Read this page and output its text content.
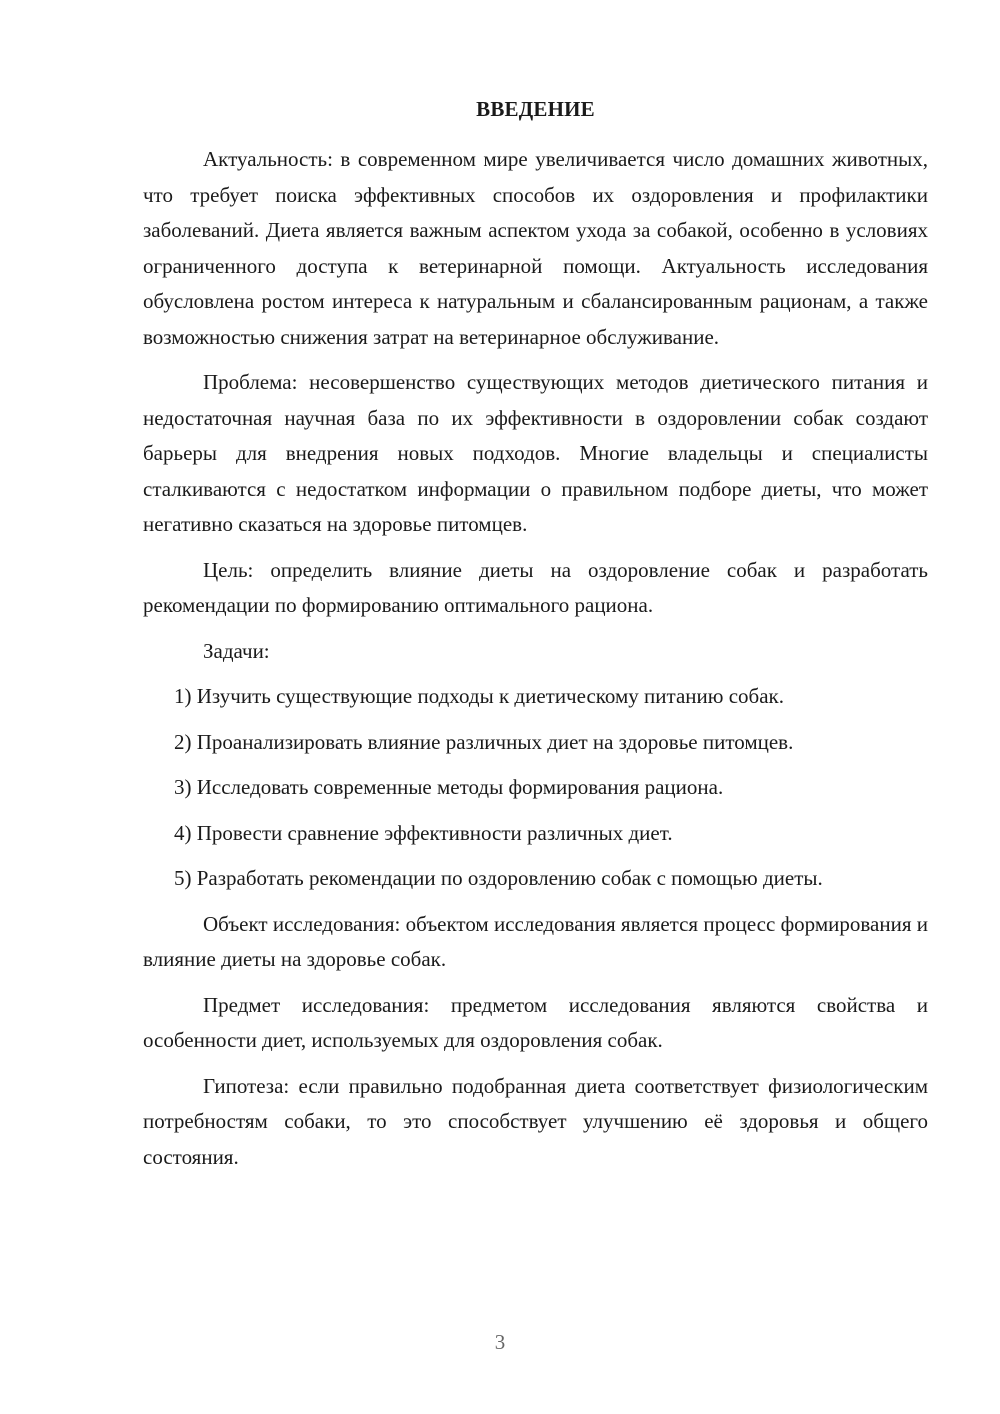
ВВЕДЕНИЕ

Актуальность: в современном мире увеличивается число домашних животных, что требует поиска эффективных способов их оздоровления и профилактики заболеваний. Диета является важным аспектом ухода за собакой, особенно в условиях ограниченного доступа к ветеринарной помощи. Актуальность исследования обусловлена ростом интереса к натуральным и сбалансированным рационам, а также возможностью снижения затрат на ветеринарное обслуживание.

Проблема: несовершенство существующих методов диетического питания и недостаточная научная база по их эффективности в оздоровлении собак создают барьеры для внедрения новых подходов. Многие владельцы и специалисты сталкиваются с недостатком информации о правильном подборе диеты, что может негативно сказаться на здоровье питомцев.

Цель: определить влияние диеты на оздоровление собак и разработать рекомендации по формированию оптимального рациона.

Задачи:

1) Изучить существующие подходы к диетическому питанию собак.

2) Проанализировать влияние различных диет на здоровье питомцев.

3) Исследовать современные методы формирования рациона.

4) Провести сравнение эффективности различных диет.

5) Разработать рекомендации по оздоровлению собак с помощью диеты.

Объект исследования: объектом исследования является процесс формирования и влияние диеты на здоровье собак.

Предмет исследования: предметом исследования являются свойства и особенности диет, используемых для оздоровления собак.

Гипотеза: если правильно подобранная диета соответствует физиологическим потребностям собаки, то это способствует улучшению её здоровья и общего состояния.

3
